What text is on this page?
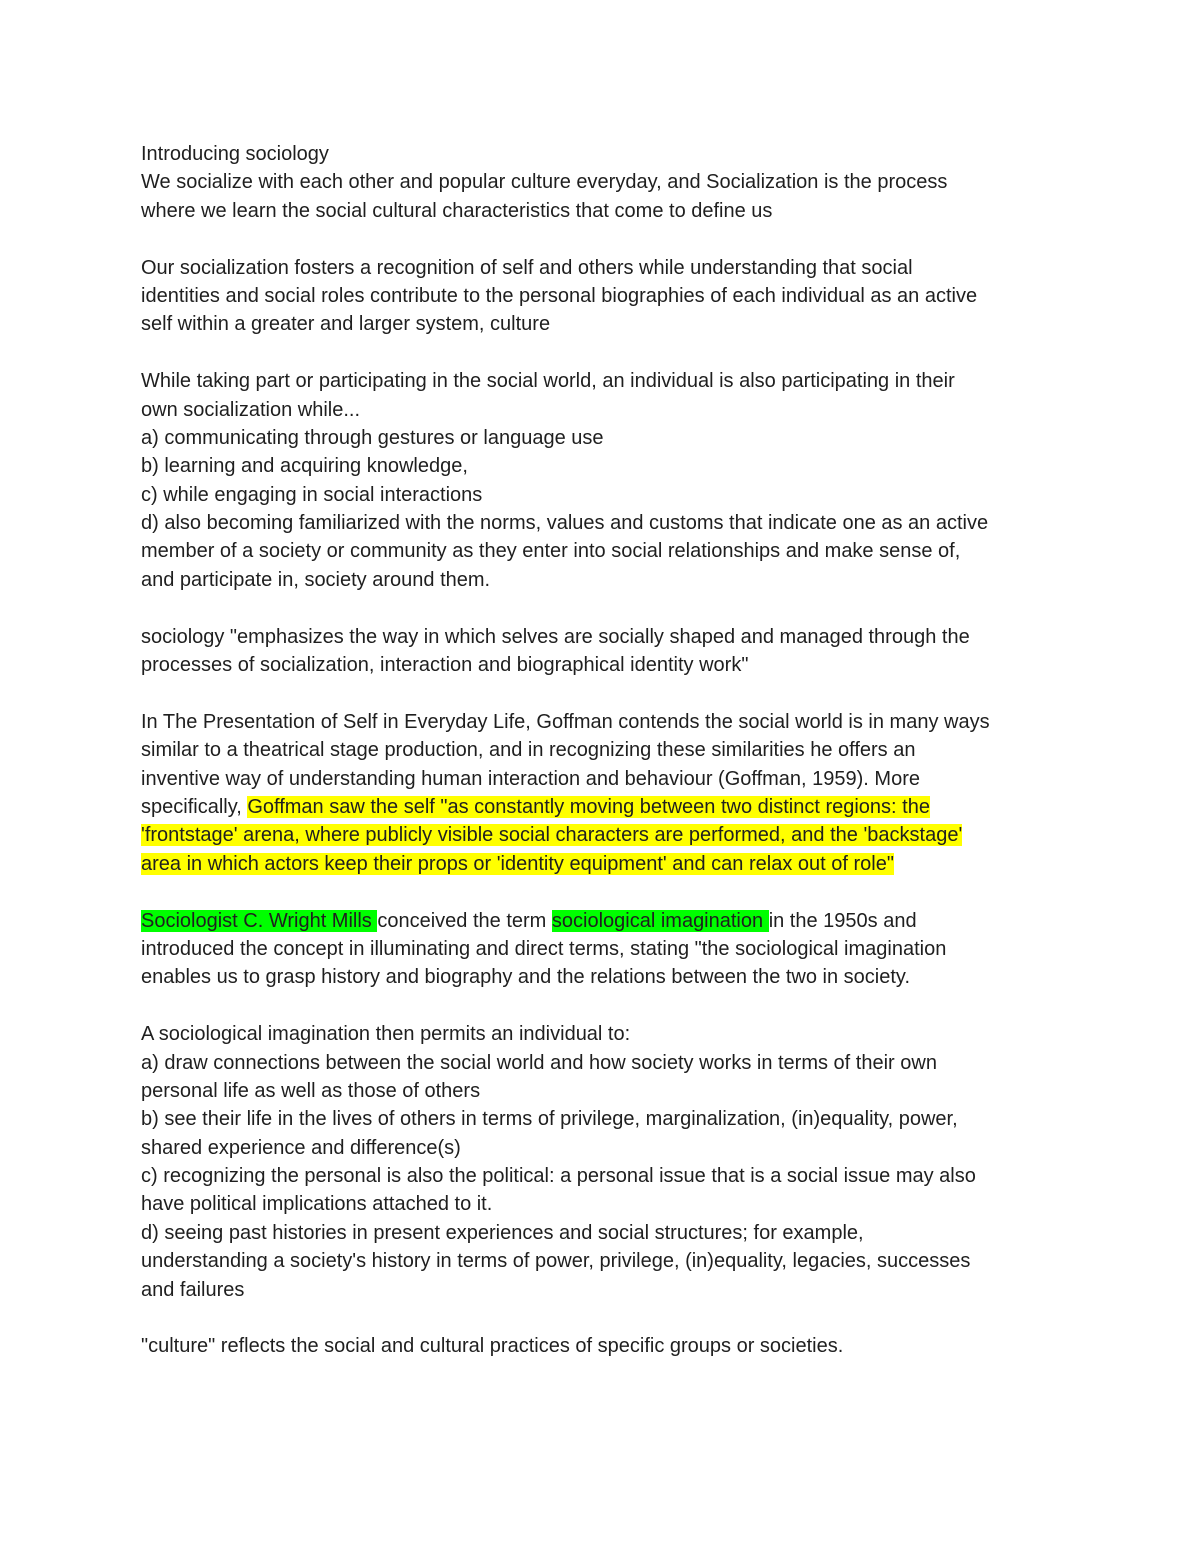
Introducing sociology
We socialize with each other and popular culture everyday, and Socialization is the process
where we learn the social cultural characteristics that come to define us
Our socialization fosters a recognition of self and others while understanding that social
identities and social roles contribute to the personal biographies of each individual as an active
self within a greater and larger system, culture
While taking part or participating in the social world, an individual is also participating in their
own socialization while...
a) communicating through gestures or language use
b) learning and acquiring knowledge,
c) while engaging in social interactions
d) also becoming familiarized with the norms, values and customs that indicate one as an active
member of a society or community as they enter into social relationships and make sense of,
and participate in, society around them.
sociology "emphasizes the way in which selves are socially shaped and managed through the
processes of socialization, interaction and biographical identity work"
In The Presentation of Self in Everyday Life, Goffman contends the social world is in many ways
similar to a theatrical stage production, and in recognizing these similarities he offers an
inventive way of understanding human interaction and behaviour (Goffman, 1959). More
specifically, Goffman saw the self "as constantly moving between two distinct regions: the
'frontstage' arena, where publicly visible social characters are performed, and the 'backstage'
area in which actors keep their props or 'identity equipment' and can relax out of role"
Sociologist C. Wright Mills conceived the term sociological imagination in the 1950s and
introduced the concept in illuminating and direct terms, stating "the sociological imagination
enables us to grasp history and biography and the relations between the two in society.
A sociological imagination then permits an individual to:
a) draw connections between the social world and how society works in terms of their own
personal life as well as those of others
b) see their life in the lives of others in terms of privilege, marginalization, (in)equality, power,
shared experience and difference(s)
c) recognizing the personal is also the political: a personal issue that is a social issue may also
have political implications attached to it.
d) seeing past histories in present experiences and social structures; for example,
understanding a society's history in terms of power, privilege, (in)equality, legacies, successes
and failures
"culture" reflects the social and cultural practices of specific groups or societies.
